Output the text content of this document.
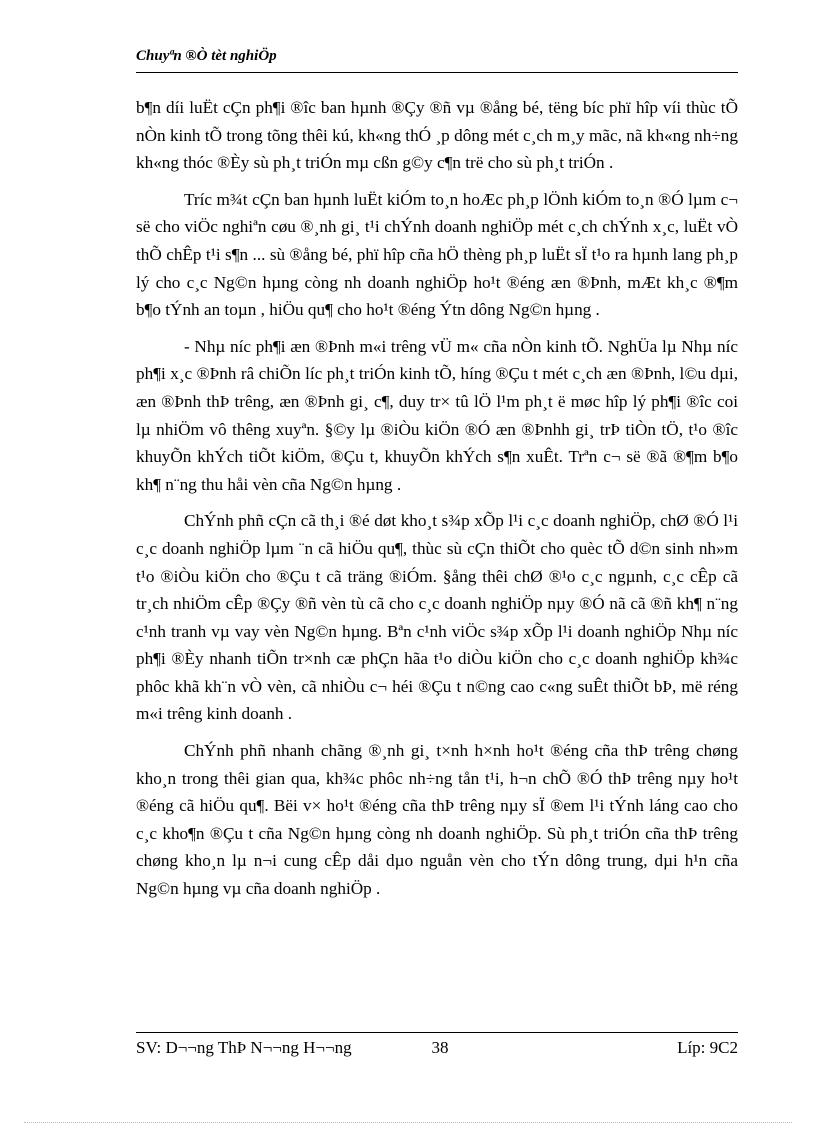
Chuyªn ®Ò tèt nghiÖp

b¶n díi luËt cÇn ph¶i ®îc ban hµnh ®Çy ®ñ vµ ®ång bé, tëng bíc phï hîp víi thùc tÕ nÒn kinh tÕ trong tõng thêi kú, kh«ng thÓ ¸p dông mét c¸ch m¸y mãc, nã kh«ng nh÷ng kh«ng thóc ®Èy sù ph¸t triÓn mµ cßn g©y c¶n trë cho sù ph¸t triÓn .

Tríc m¾t cÇn ban hµnh luËt kiÓm to¸n hoÆc ph¸p lÖnh kiÓm to¸n ®Ó lµm c¬ së cho viÖc nghiªn cøu ®¸nh gi¸ t¹i chÝnh doanh nghiÖp mét c¸ch chÝnh x¸c, luËt vÒ thÕ chÊp t¹i s¶n ... sù ®ång bé, phï hîp cña hÖ thèng ph¸p luËt sÏ t¹o ra hµnh lang ph¸p lý cho c¸c Ng©n hµng còng nh doanh nghiÖp ho¹t ®éng æn ®Þnh, mÆt kh¸c ®¶m b¶o tÝnh an toµn , hiÖu qu¶ cho ho¹t ®éng Ýtn dông Ng©n hµng .

- Nhµ níc ph¶i æn ®Þnh m«i trêng vÜ m« cña nÒn kinh tÕ. NghÜa lµ Nhµ níc ph¶i x¸c ®Þnh râ chiÕn líc ph¸t triÓn kinh tÕ, híng ®Çu t mét c¸ch æn ®Þnh, l©u dµi, æn ®Þnh thÞ trêng, æn ®Þnh gi¸ c¶, duy tr× tû lÖ l¹m ph¸t ë møc hîp lý ph¶i ®îc coi lµ nhiÖm vô thêng xuyªn. §©y lµ ®iÒu kiÖn ®Ó æn ®Þnhh gi¸ trÞ tiÒn tÖ, t¹o ®îc khuyÕn khÝch tiÕt kiÖm, ®Çu t, khuyÕn khÝch s¶n xuÊt. Trªn c¬ së ®ã ®¶m b¶o kh¶ n¨ng thu håi vèn cña Ng©n hµng .

ChÝnh phñ cÇn cã th¸i ®é døt kho¸t s¾p xÕp l¹i c¸c doanh nghiÖp, chØ ®Ó l¹i c¸c doanh nghiÖp lµm ¨n cã hiÖu qu¶, thùc sù cÇn thiÕt cho quèc tÕ d©n sinh nh»m t¹o ®iÒu kiÖn cho ®Çu t cã träng ®iÓm. §ång thêi chØ ®¹o c¸c ngµnh, c¸c cÊp cã tr¸ch nhiÖm cÊp ®Çy ®ñ vèn tù cã cho c¸c doanh nghiÖp nµy ®Ó nã cã ®ñ kh¶ n¨ng c¹nh tranh vµ vay vèn Ng©n hµng. Bªn c¹nh viÖc s¾p xÕp l¹i doanh nghiÖp Nhµ níc ph¶i ®Èy nhanh tiÕn tr×nh cæ phÇn hãa t¹o diÒu kiÖn cho c¸c doanh nghiÖp kh¾c phôc khã kh¨n vÒ vèn, cã nhiÒu c¬ héi ®Çu t n©ng cao c«ng suÊt thiÕt bÞ, më réng m«i trêng kinh doanh .

ChÝnh phñ nhanh chãng ®¸nh gi¸ t×nh h×nh ho¹t ®éng cña thÞ trêng chøng kho¸n trong thêi gian qua, kh¾c phôc nh÷ng tån t¹i, h¬n chÕ ®Ó thÞ trêng nµy ho¹t ®éng cã hiÖu qu¶. Bëi v× ho¹t ®éng cña thÞ trêng nµy sÏ ®em l¹i tÝnh láng cao cho c¸c kho¶n ®Çu t cña Ng©n hµng còng nh doanh nghiÖp. Sù ph¸t triÓn cña thÞ trêng chøng kho¸n lµ n¬i cung cÊp dåi dµo nguån vèn cho tÝn dông trung, dµi h¹n cña Ng©n hµng vµ cña doanh nghiÖp .

SV: D¬¬ng ThÞ N¬¬ng H¬¬ng	38	Líp: 9C2
